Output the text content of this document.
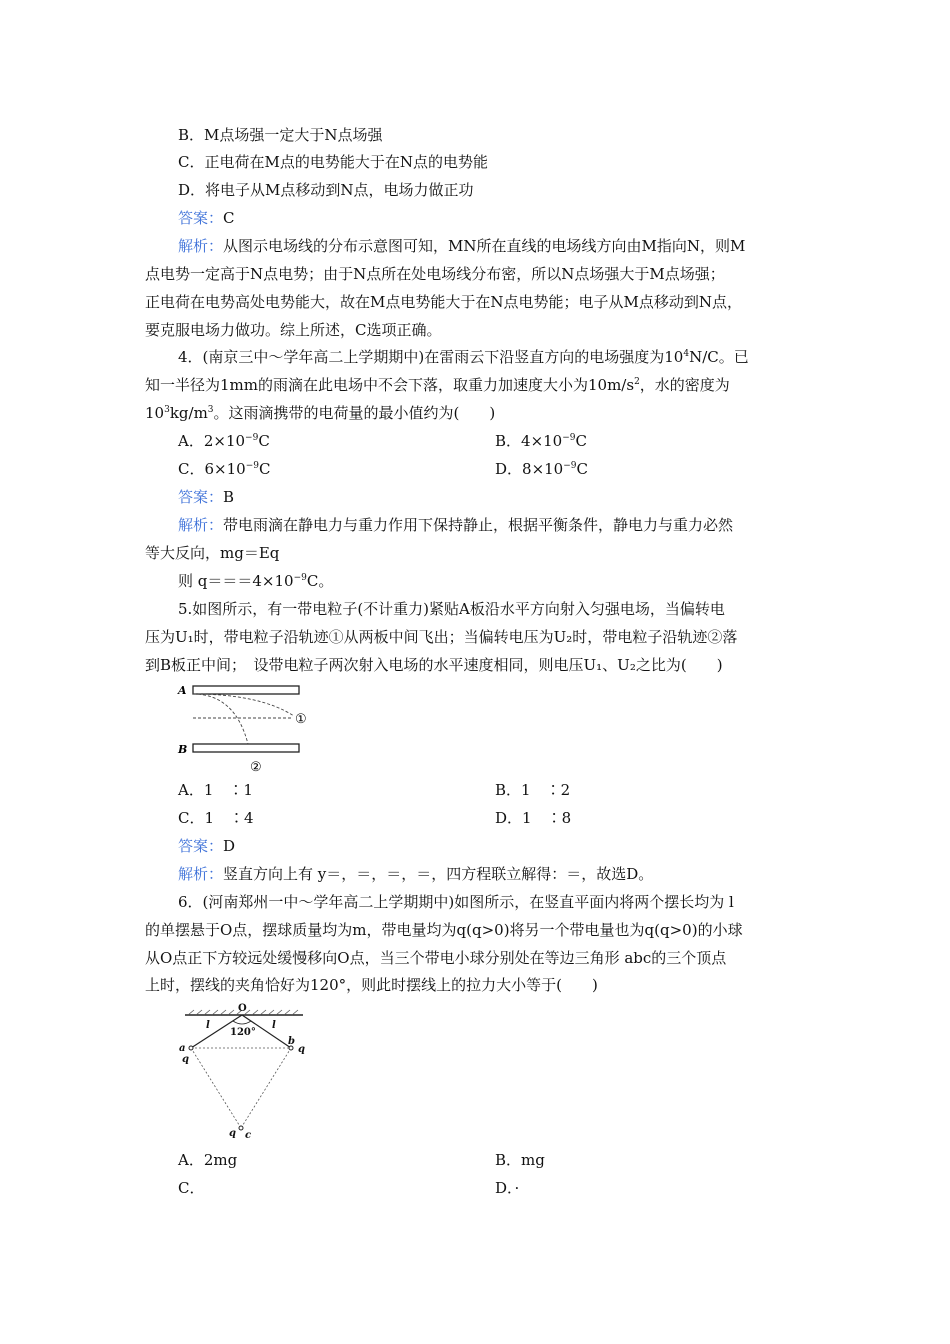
B．M点场强一定大于N点场强
C．正电荷在M点的电势能大于在N点的电势能
D．将电子从M点移动到N点，电场力做正功
答案：C
解析：从图示电场线的分布示意图可知，MN所在直线的电场线方向由M指向N，则M
点电势一定高于N点电势；由于N点所在处电场线分布密，所以N点场强大于M点场强；
正电荷在电势高处电势能大，故在M点电势能大于在N点电势能；电子从M点移动到N点，
要克服电场力做功。综上所述，C选项正确。
4．(南京三中～学年高二上学期期中)在雷雨云下沿竖直方向的电场强度为$10^4N/C$。已
知一半径为1mm的雨滴在此电场中不会下落，取重力加速度大小为$10m/s^2$，水的密度为
$10^3kg/m^3$。这雨滴携带的电荷量的最小值约为(　　)
A．$2\times 10^{-9}C$	B．$4\times 10^{-9}C$
C．$6\times 10^{-9}C$	D．$8\times 10^{-9}C$
答案：B
解析：带电雨滴在静电力与重力作用下保持静止，根据平衡条件，静电力与重力必然
等大反向，mg＝Eq
则 $q===4\times 10^{-9}C$。
5.如图所示，有一带电粒子(不计重力)紧贴A板沿水平方向射入匀强电场，当偏转电
压为U₁时，带电粒子沿轨迹①从两板中间飞出；当偏转电压为U₂时，带电粒子沿轨迹②落
到B板正中间；　设带电粒子两次射入电场的水平速度相同，则电压U₁、U₂之比为(　　)
A
B
①
②
A．1　∶1	B．1　∶2
C．1　∶4	D．1　∶8
答案：D
解析：竖直方向上有 y＝，＝，＝，＝，四方程联立解得：＝，故选D。
6．(河南郑州一中～学年高二上学期期中)如图所示，在竖直平面内将两个摆长均为 l
的单摆悬于O点，摆球质量均为m，带电量均为q(q>0)将另一个带电量也为q(q>0)的小球
从O点正下方较远处缓慢移向O点，当三个带电小球分别处在等边三角形 abc的三个顶点
上时，摆线的夹角恰好为120°，则此时摆线上的拉力大小等于(　　)
O
l	l
120°
a
q
b
q
q c
A．2mg	B．mg
C．	D．·
